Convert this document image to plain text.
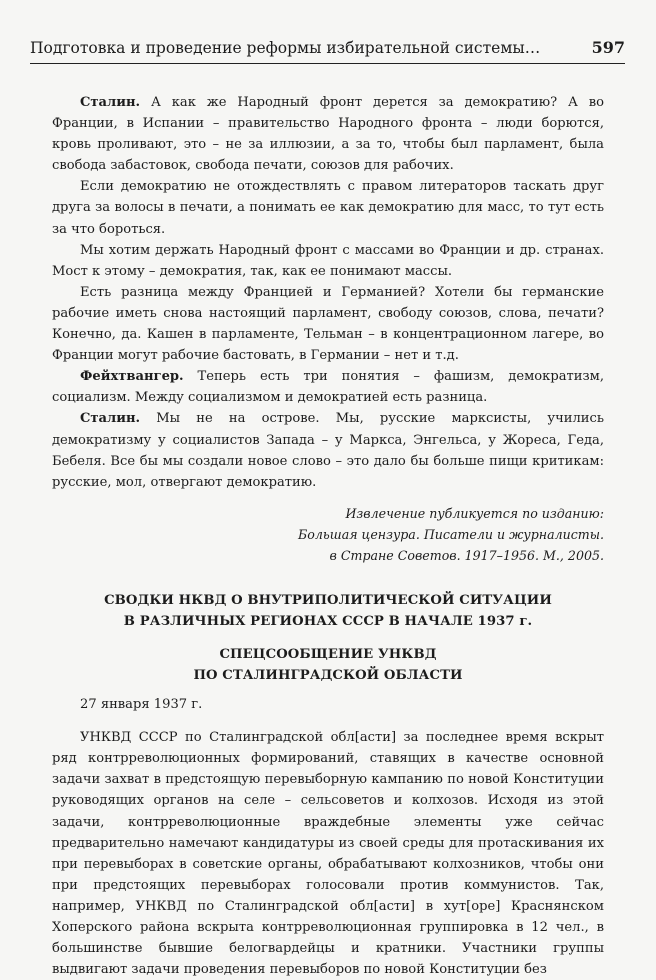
Подготовка и проведение реформы избирательной системы…	597

Сталин. А как же Народный фронт дерется за демократию? А во Франции, в Испании – правительство Народного фронта – люди борются, кровь проливают, это – не за иллюзии, а за то, чтобы был парламент, была свобода забастовок, свобода печати, союзов для рабочих.

Если демократию не отождествлять с правом литераторов таскать друг друга за волосы в печати, а понимать ее как демократию для масс, то тут есть за что бороться.

Мы хотим держать Народный фронт с массами во Франции и др. странах. Мост к этому – демократия, так, как ее понимают массы.

Есть разница между Францией и Германией? Хотели бы германские рабочие иметь снова настоящий парламент, свободу союзов, слова, печати? Конечно, да. Кашен в парламенте, Тельман – в концентрационном лагере, во Франции могут рабочие бастовать, в Германии – нет и т.д.

Фейхтвангер. Теперь есть три понятия – фашизм, демократизм, социализм. Между социализмом и демократией есть разница.

Сталин. Мы не на острове. Мы, русские марксисты, учились демократизму у социалистов Запада – у Маркса, Энгельса, у Жореса, Геда, Бебеля. Все бы мы создали новое слово – это дало бы больше пищи критикам: русские, мол, отвергают демократию.

Извлечение публикуется по изданию:
Большая цензура. Писатели и журналисты.
в Стране Советов. 1917–1956. М., 2005.

СВОДКИ НКВД О ВНУТРИПОЛИТИЧЕСКОЙ СИТУАЦИИ
В РАЗЛИЧНЫХ РЕГИОНАХ СССР В НАЧАЛЕ 1937 г.

СПЕЦСООБЩЕНИЕ УНКВД
ПО СТАЛИНГРАДСКОЙ ОБЛАСТИ

27 января 1937 г.

УНКВД СССР по Сталинградской обл[асти] за последнее время вскрыт ряд контрреволюционных формирований, ставящих в качестве основной задачи захват в предстоящую перевыборную кампанию по новой Конституции руководящих органов на селе – сельсоветов и колхозов. Исходя из этой задачи, контрреволюционные враждебные элементы уже сейчас предварительно намечают кандидатуры из своей среды для протаскивания их при перевыборах в советские органы, обрабатывают колхозников, чтобы они при предстоящих перевыборах голосовали против коммунистов. Так, например, УНКВД по Сталинградской обл[асти] в хут[оре] Краснянском Хоперского района вскрыта контрреволюционная группировка в 12 чел., в большинстве бывшие белогвардейцы и кратники. Участники группы выдвигают задачи проведения перевыборов по новой Конституции без
